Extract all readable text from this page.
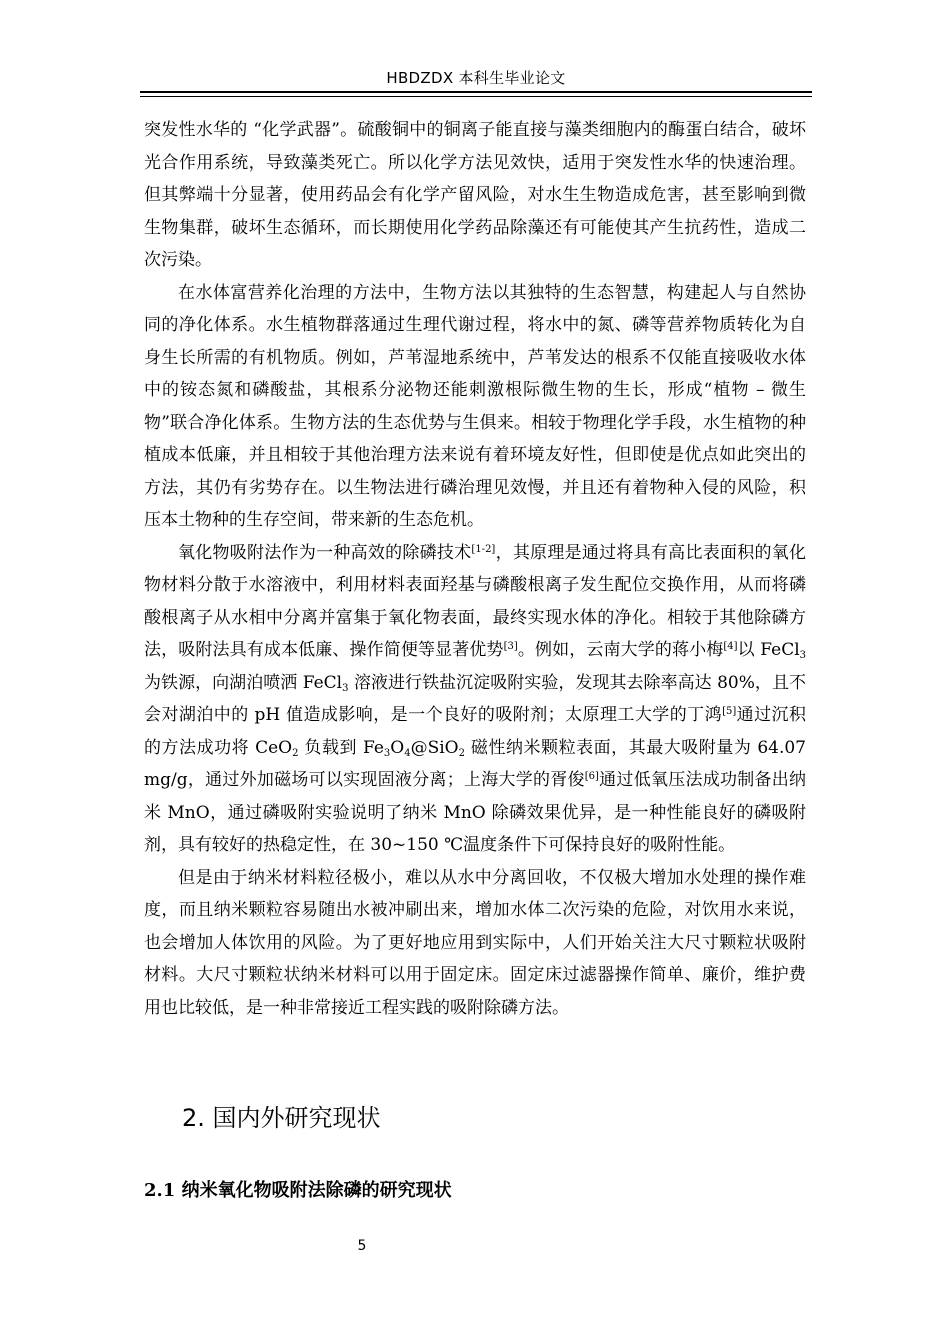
HBDZDX 本科生毕业论文

突发性水华的 “化学武器”。硫酸铜中的铜离子能直接与藻类细胞内的酶蛋白结合，破坏光合作用系统，导致藻类死亡。所以化学方法见效快，适用于突发性水华的快速治理。但其弊端十分显著，使用药品会有化学产留风险，对水生生物造成危害，甚至影响到微生物集群，破坏生态循环，而长期使用化学药品除藻还有可能使其产生抗药性，造成二次污染。

在水体富营养化治理的方法中，生物方法以其独特的生态智慧，构建起人与自然协同的净化体系。水生植物群落通过生理代谢过程，将水中的氮、磷等营养物质转化为自身生长所需的有机物质。例如，芦苇湿地系统中，芦苇发达的根系不仅能直接吸收水体中的铵态氮和磷酸盐，其根系分泌物还能刺激根际微生物的生长，形成“植物 – 微生物”联合净化体系。生物方法的生态优势与生俱来。相较于物理化学手段，水生植物的种植成本低廉，并且相较于其他治理方法来说有着环境友好性，但即使是优点如此突出的方法，其仍有劣势存在。以生物法进行磷治理见效慢，并且还有着物种入侵的风险，积压本土物种的生存空间，带来新的生态危机。

氧化物吸附法作为一种高效的除磷技术[1-2]，其原理是通过将具有高比表面积的氧化物材料分散于水溶液中，利用材料表面羟基与磷酸根离子发生配位交换作用，从而将磷酸根离子从水相中分离并富集于氧化物表面，最终实现水体的净化。相较于其他除磷方法，吸附法具有成本低廉、操作简便等显著优势[3]。例如，云南大学的蒋小梅[4]以 FeCl$_3$ 为铁源，向湖泊喷洒 FeCl$_3$ 溶液进行铁盐沉淀吸附实验，发现其去除率高达 80%，且不会对湖泊中的 pH 值造成影响，是一个良好的吸附剂；太原理工大学的丁鸿[5]通过沉积的方法成功将 CeO$_2$ 负载到 $Fe_3O_4@SiO_2$ 磁性纳米颗粒表面，其最大吸附量为 64.07 mg/g，通过外加磁场可以实现固液分离；上海大学的胥俊[6]通过低氧压法成功制备出纳米 MnO，通过磷吸附实验说明了纳米 MnO 除磷效果优异，是一种性能良好的磷吸附剂，具有较好的热稳定性，在 30~150 ℃温度条件下可保持良好的吸附性能。

但是由于纳米材料粒径极小，难以从水中分离回收，不仅极大增加水处理的操作难度，而且纳米颗粒容易随出水被冲刷出来，增加水体二次污染的危险，对饮用水来说，也会增加人体饮用的风险。为了更好地应用到实际中，人们开始关注大尺寸颗粒状吸附材料。大尺寸颗粒状纳米材料可以用于固定床。固定床过滤器操作简单、廉价，维护费用也比较低，是一种非常接近工程实践的吸附除磷方法。

2. 国内外研究现状
2.1 纳米氧化物吸附法除磷的研究现状
5
